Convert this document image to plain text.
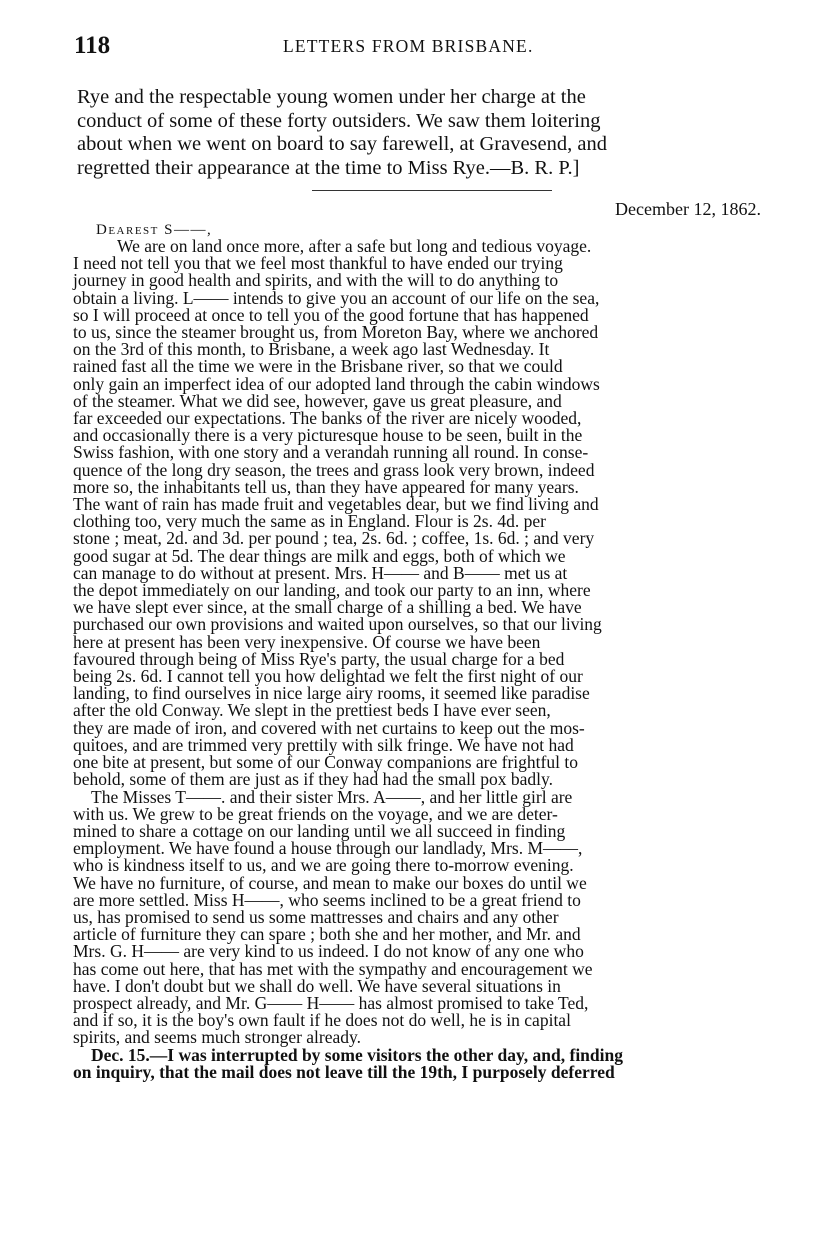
118	LETTERS FROM BRISBANE.
Rye and the respectable young women under her charge at the
conduct of some of these forty outsiders. We saw them loitering
about when we went on board to say farewell, at Gravesend, and
regretted their appearance at the time to Miss Rye.—B. R. P.]
December 12, 1862.
Dearest S——,
We are on land once more, after a safe but long and tedious voyage.
I need not tell you that we feel most thankful to have ended our trying
journey in good health and spirits, and with the will to do anything to
obtain a living. L—— intends to give you an account of our life on the sea,
so I will proceed at once to tell you of the good fortune that has happened
to us, since the steamer brought us, from Moreton Bay, where we anchored
on the 3rd of this month, to Brisbane, a week ago last Wednesday. It
rained fast all the time we were in the Brisbane river, so that we could
only gain an imperfect idea of our adopted land through the cabin windows
of the steamer. What we did see, however, gave us great pleasure, and
far exceeded our expectations. The banks of the river are nicely wooded,
and occasionally there is a very picturesque house to be seen, built in the
Swiss fashion, with one story and a verandah running all round. In conse-
quence of the long dry season, the trees and grass look very brown, indeed
more so, the inhabitants tell us, than they have appeared for many years.
The want of rain has made fruit and vegetables dear, but we find living and
clothing too, very much the same as in England. Flour is 2s. 4d. per
stone ; meat, 2d. and 3d. per pound ; tea, 2s. 6d. ; coffee, 1s. 6d. ; and very
good sugar at 5d. The dear things are milk and eggs, both of which we
can manage to do without at present. Mrs. H—— and B—— met us at
the depot immediately on our landing, and took our party to an inn, where
we have slept ever since, at the small charge of a shilling a bed. We have
purchased our own provisions and waited upon ourselves, so that our living
here at present has been very inexpensive. Of course we have been
favoured through being of Miss Rye's party, the usual charge for a bed
being 2s. 6d. I cannot tell you how delightad we felt the first night of our
landing, to find ourselves in nice large airy rooms, it seemed like paradise
after the old Conway. We slept in the prettiest beds I have ever seen,
they are made of iron, and covered with net curtains to keep out the mos-
quitoes, and are trimmed very prettily with silk fringe. We have not had
one bite at present, but some of our Conway companions are frightful to
behold, some of them are just as if they had had the small pox badly.
The Misses T——. and their sister Mrs. A——, and her little girl are
with us. We grew to be great friends on the voyage, and we are deter-
mined to share a cottage on our landing until we all succeed in finding
employment. We have found a house through our landlady, Mrs. M——,
who is kindness itself to us, and we are going there to-morrow evening.
We have no furniture, of course, and mean to make our boxes do until we
are more settled. Miss H——, who seems inclined to be a great friend to
us, has promised to send us some mattresses and chairs and any other
article of furniture they can spare ; both she and her mother, and Mr. and
Mrs. G. H—— are very kind to us indeed. I do not know of any one who
has come out here, that has met with the sympathy and encouragement we
have. I don't doubt but we shall do well. We have several situations in
prospect already, and Mr. G—— H—— has almost promised to take Ted,
and if so, it is the boy's own fault if he does not do well, he is in capital
spirits, and seems much stronger already.
Dec. 15.—I was interrupted by some visitors the other day, and, finding
on inquiry, that the mail does not leave till the 19th, I purposely deferred
